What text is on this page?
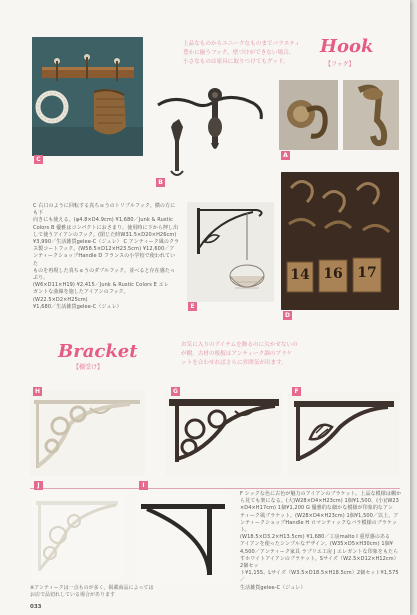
上品なものからユニークなものまでバラエティ
豊かに揃うフック。壁づけができない場合、
小さなものは家具に取りつけてもグッド。
Hook
【フック】
C
B
A
C 右口のように回転する真ちゅうのトリプルフック。横の方にも下
向きにも使える。(φ4.8×D4.9cm) ¥1,680／Junk & Rustic
Colors B 優雅はコンパクトにおさまり、使用時に下から押し出
して使うアイアンのフック。(閉じた時W31.5×D20×H26cm)
¥3,990／生活雑貨gelee-C（ジュレ） C アンティーク風のクラ
ス製コートフック。(W58.5×D12×H23.5cm) ¥12,600／ア
ンティークショップHandle D フランスの小学校で使われていた
ものを再現した真ちゅうのダブルフック。並べると存在感たっぷり。
(W6×D11×H19) ¥2,415／Junk & Rustic Colors E エレ
ガントな曲線を施したアイアンのフック。(W22.5×D2×H25cm)
¥1,680／生活雑貨gelee-C（ジュレ）	E
14 16 17
D
Bracket
【棚受け】
お気に入りのアイテムを飾るのに欠かせないの
が棚。古材の板板はアンティーク調のブラケ
ットを合わせればさらに雰囲気が出ます。
H	G	F
J	I
F シックな色に古色が魅力のアイアンのブラケット。上品な模様は棚か
ら見ても楽になる。(大)W28×D4×H23cm) 1個¥1,500、(小)(W23
×D4×H17cm) 1個¥1,200 G 優雅的な細かな模様が印象的なアン
ティーク風ブラケット。(W28×D4×H23cm) 1個¥1,500／以上、ア
ンティークショップHandle H ロマンティックなバラ模様のブラケット。
(W18.5×D3.2×H13.5cm) ¥1,680／工房malto I 重厚感のある
アイアンを使ったシンプルなデザイン。(W35×D5×H30cm) 1個¥
4,500／アンティーク家具 ラブリエ工房 J エレガントな印象をもたら
すホワイトアイアンのブラケット。Sサイズ（W2.5×D12×H12cm）2個セッ
ト¥1,155、Lサイズ（W3.5×D18.5×H18.5cm）2個セット¥1,575／
生活雑貨gelee-C（ジュレ）
※アンティークは一点ものが多く、掲載商品によっては
お店で品切れしている場合があります
033
